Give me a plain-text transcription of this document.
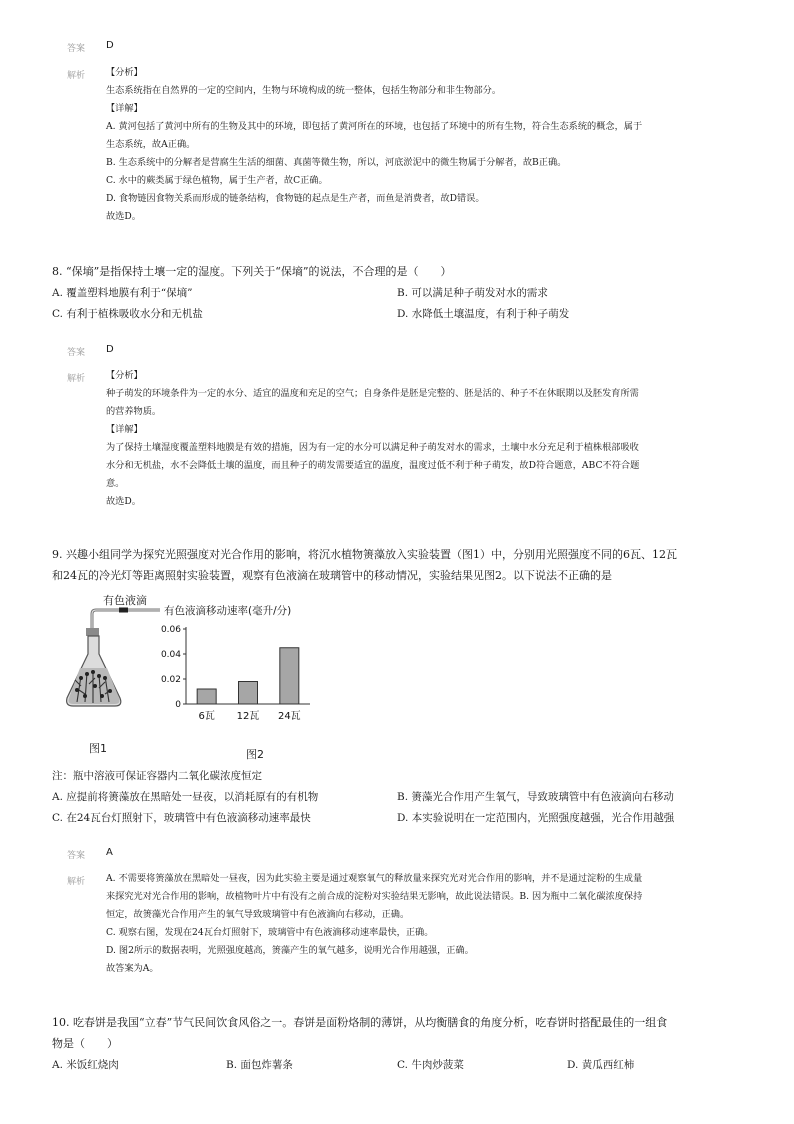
答案 D
解析 【分析】
生态系统指在自然界的一定的空间内，生物与环境构成的统一整体，包括生物部分和非生物部分。
【详解】
A. 黄河包括了黄河中所有的生物及其中的环境，即包括了黄河所在的环境，也包括了环境中的所有生物，符合生态系统的概念，属于
生态系统，故A正确。
B. 生态系统中的分解者是营腐生生活的细菌、真菌等微生物，所以，河底淤泥中的微生物属于分解者，故B正确。
C. 水中的蕨类属于绿色植物，属于生产者，故C正确。
D. 食物链因食物关系而形成的链条结构，食物链的起点是生产者，而鱼是消费者，故D错误。
故选D。
8. “保墒”是指保持土壤一定的湿度。下列关于“保墒”的说法，不合理的是（　　）
A. 覆盖塑料地膜有利于“保墒”	B. 可以满足种子萌发对水的需求
C. 有利于植株吸收水分和无机盐	D. 水降低土壤温度，有利于种子萌发
答案 D
解析 【分析】
种子萌发的环境条件为一定的水分、适宜的温度和充足的空气；自身条件是胚是完整的、胚是活的、种子不在休眠期以及胚发育所需
的营养物质。
【详解】
为了保持土壤湿度覆盖塑料地膜是有效的措施，因为有一定的水分可以满足种子萌发对水的需求，土壤中水分充足利于植株根部吸收
水分和无机盐，水不会降低土壤的温度，而且种子的萌发需要适宜的温度，温度过低不利于种子萌发，故D符合题意，ABC不符合题
意。
故选D。
9. 兴趣小组同学为探究光照强度对光合作用的影响，将沉水植物箦藻放入实验装置（图1）中，分别用光照强度不同的6瓦、12瓦
和24瓦的冷光灯等距离照射实验装置，观察有色液滴在玻璃管中的移动情况，实验结果见图2。以下说法不正确的是
有色液滴
图1
有色液滴移动速率(毫升/分)
0
0.02
0.04
0.06
6瓦 12瓦 24瓦
图2
注：瓶中溶液可保证容器内二氧化碳浓度恒定
A. 应提前将箦藻放在黑暗处一昼夜，以消耗原有的有机物	B. 箦藻光合作用产生氧气，导致玻璃管中有色液滴向右移动
C. 在24瓦台灯照射下，玻璃管中有色液滴移动速率最快	D. 本实验说明在一定范围内，光照强度越强，光合作用越强
答案 A
解析 A. 不需要将箦藻放在黑暗处一昼夜，因为此实验主要是通过观察氧气的释放量来探究光对光合作用的影响，并不是通过淀粉的生成量
来探究光对光合作用的影响，故植物叶片中有没有之前合成的淀粉对实验结果无影响，故此说法错误。B. 因为瓶中二氧化碳浓度保持
恒定，故箦藻光合作用产生的氧气导致玻璃管中有色液滴向右移动，正确。
C. 观察右图，发现在24瓦台灯照射下，玻璃管中有色液滴移动速率最快，正确。
D. 图2所示的数据表明，光照强度越高，箦藻产生的氧气越多，说明光合作用越强，正确。
故答案为A。
10. 吃春饼是我国“立春”节气民间饮食风俗之一。春饼是面粉烙制的薄饼，从均衡膳食的角度分析，吃春饼时搭配最佳的一组食
物是（　　）
A. 米饭红烧肉	B. 面包炸薯条	C. 牛肉炒菠菜	D. 黄瓜西红柿
